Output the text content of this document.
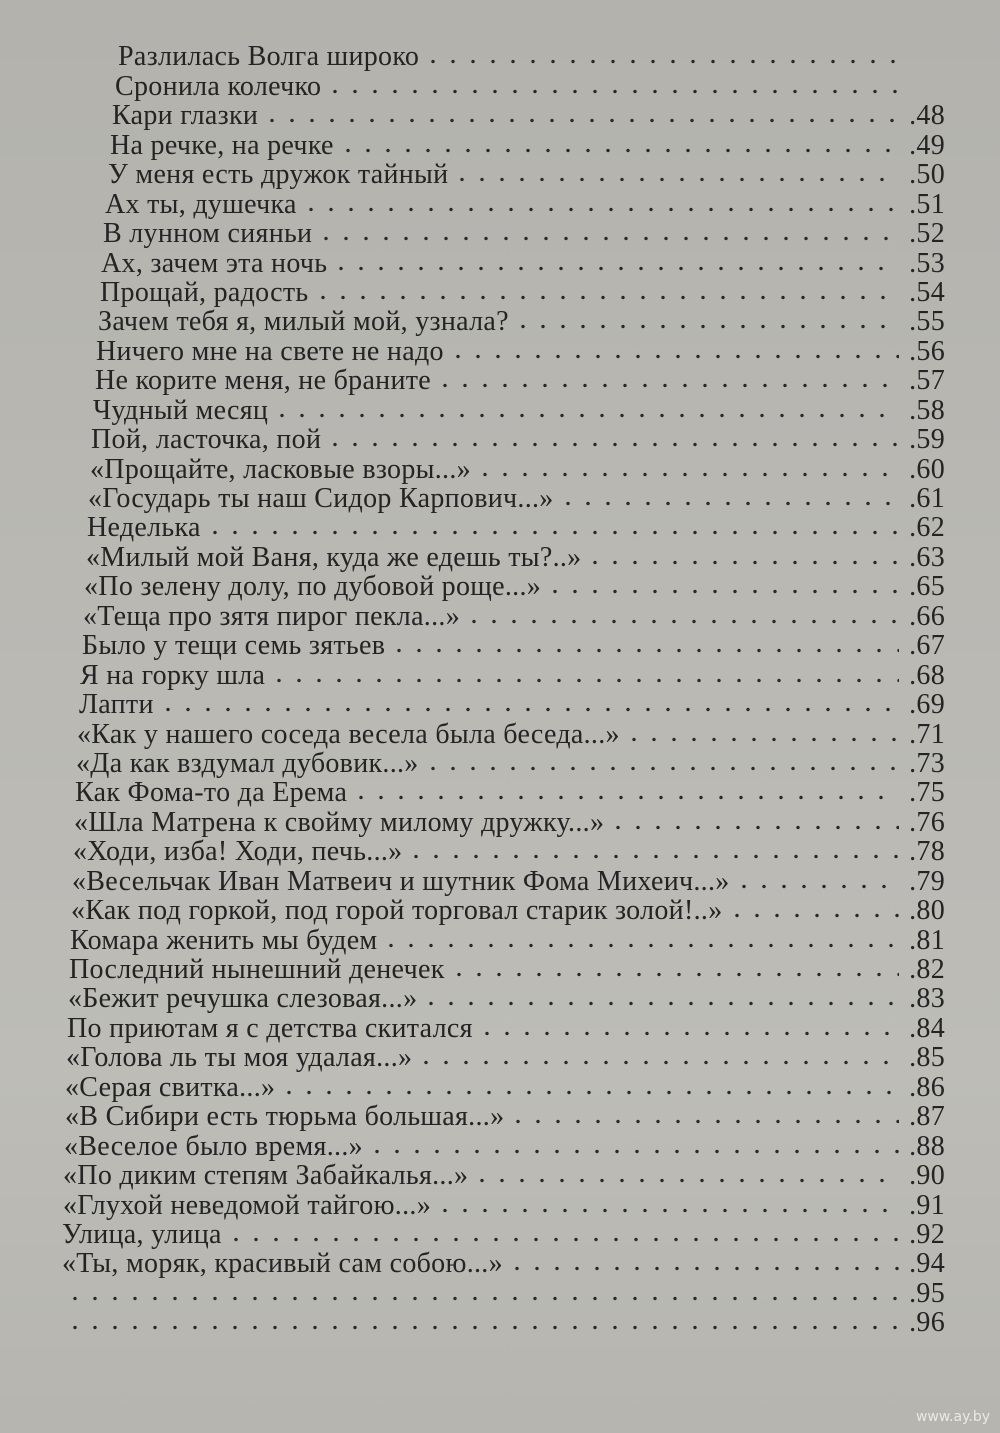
Разлилась Волга широко
Сронила колечко
Кари глазки	.48
На речке, на речке	.49
У меня есть дружок тайный	.50
Ах ты, душечка	.51
В лунном сияньи	.52
Ах, зачем эта ночь	.53
Прощай, радость	.54
Зачем тебя я, милый мой, узнала?	.55
Ничего мне на свете не надо	.56
Не корите меня, не браните	.57
Чудный месяц	.58
Пой, ласточка, пой	.59
«Прощайте, ласковые взоры...»	.60
«Государь ты наш Сидор Карпович...»	.61
Неделька	.62
«Милый мой Ваня, куда же едешь ты?..»	.63
«По зелену долу, по дубовой роще...»	.65
«Теща про зятя пирог пекла...»	.66
Было у тещи семь зятьев	.67
Я на горку шла	.68
Лапти	.69
«Как у нашего соседа весела была беседа...»	.71
«Да как вздумал дубовик...»	.73
Как Фома-то да Ерема	.75
«Шла Матрена к свойму милому дружку...»	.76
«Ходи, изба! Ходи, печь...»	.78
«Весельчак Иван Матвеич и шутник Фома Михеич...»	.79
«Как под горкой, под горой торговал старик золой!..»	.80
Комара женить мы будем	.81
Последний нынешний денечек	.82
«Бежит речушка слезовая...»	.83
По приютам я с детства скитался	.84
«Голова ль ты моя удалая...»	.85
«Серая свитка...»	.86
«В Сибири есть тюрьма большая...»	.87
«Веселое было время...»	.88
«По диким степям Забайкалья...»	.90
«Глухой неведомой тайгою...»	.91
Улица, улица	.92
«Ты, моряк, красивый сам собою...»	.94
.95
.96
www.ay.by
